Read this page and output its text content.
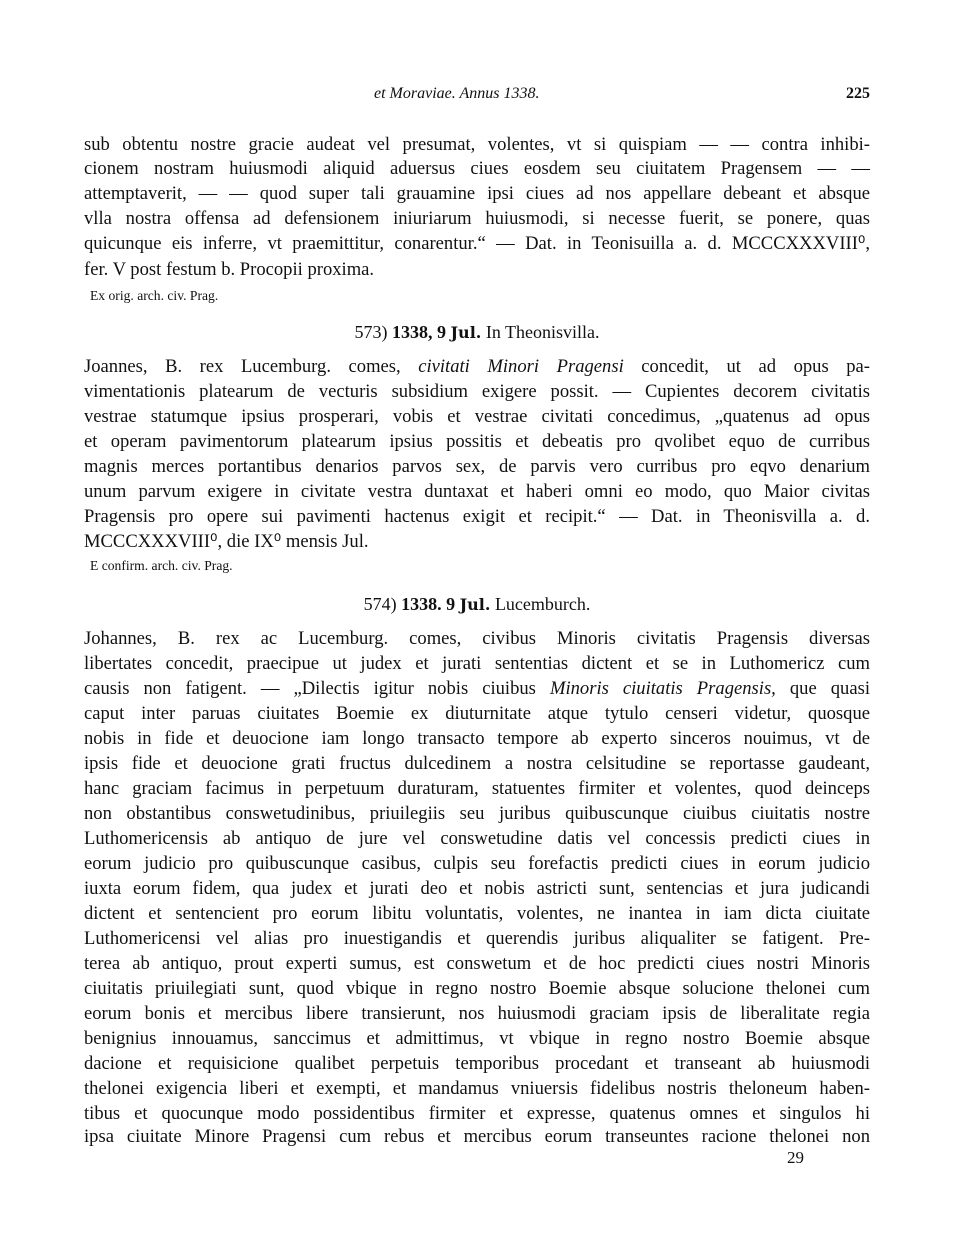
et Moraviae. Annus 1338.	225
sub obtentu nostre gracie audeat vel presumat, volentes, vt si quispiam — — contra inhibi-
cionem nostram huiusmodi aliquid aduersus ciues eosdem seu ciuitatem Pragensem — —
attemptaverit, — — quod super tali grauamine ipsi ciues ad nos appellare debeant et absque
vlla nostra offensa ad defensionem iniuriarum huiusmodi, si necesse fuerit, se ponere, quas
quicunque eis inferre, vt praemittitur, conarentur.“ — Dat. in Teonisuilla a. d. MCCCXXXVIII⁰,
fer. V post festum b. Procopii proxima.
Ex orig. arch. civ. Prag.
573) 1338, 9 Jul. In Theonisvilla.
Joannes, B. rex Lucemburg. comes, civitati Minori Pragensi concedit, ut ad opus pa-
vimentationis platearum de vecturis subsidium exigere possit. — Cupientes decorem civitatis
vestrae statumque ipsius prosperari, vobis et vestrae civitati concedimus, „quatenus ad opus
et operam pavimentorum platearum ipsius possitis et debeatis pro qvolibet equo de curribus
magnis merces portantibus denarios parvos sex, de parvis vero curribus pro eqvo denarium
unum parvum exigere in civitate vestra duntaxat et haberi omni eo modo, quo Maior civitas
Pragensis pro opere sui pavimenti hactenus exigit et recipit.“ — Dat. in Theonisvilla a. d.
MCCCXXXVIII⁰, die IX⁰ mensis Jul.
E confirm. arch. civ. Prag.
574) 1338. 9 Jul. Lucemburch.
Johannes, B. rex ac Lucemburg. comes, civibus Minoris civitatis Pragensis diversas
libertates concedit, praecipue ut judex et jurati sententias dictent et se in Luthomericz cum
causis non fatigent. — „Dilectis igitur nobis ciuibus Minoris ciuitatis Pragensis, que quasi
caput inter paruas ciuitates Boemie ex diuturnitate atque tytulo censeri videtur, quosque
nobis in fide et deuocione iam longo transacto tempore ab experto sinceros nouimus, vt de
ipsis fide et deuocione grati fructus dulcedinem a nostra celsitudine se reportasse gaudeant,
hanc graciam facimus in perpetuum duraturam, statuentes firmiter et volentes, quod deinceps
non obstantibus conswetudinibus, priuilegiis seu juribus quibuscunque ciuibus ciuitatis nostre
Luthomericensis ab antiquo de jure vel conswetudine datis vel concessis predicti ciues in
eorum judicio pro quibuscunque casibus, culpis seu forefactis predicti ciues in eorum judicio
iuxta eorum fidem, qua judex et jurati deo et nobis astricti sunt, sentencias et jura judicandi
dictent et sentencient pro eorum libitu voluntatis, volentes, ne inantea in iam dicta ciuitate
Luthomericensi vel alias pro inuestigandis et querendis juribus aliqualiter se fatigent. Pre-
terea ab antiquo, prout experti sumus, est conswetum et de hoc predicti ciues nostri Minoris
ciuitatis priuilegiati sunt, quod vbique in regno nostro Boemie absque solucione thelonei cum
eorum bonis et mercibus libere transierunt, nos huiusmodi graciam ipsis de liberalitate regia
benignius innouamus, sanccimus et admittimus, vt vbique in regno nostro Boemie absque
dacione et requisicione qualibet perpetuis temporibus procedant et transeant ab huiusmodi
thelonei exigencia liberi et exempti, et mandamus vniuersis fidelibus nostris theloneum haben-
tibus et quocunque modo possidentibus firmiter et expresse, quatenus omnes et singulos hi
ipsa ciuitate Minore Pragensi cum rebus et mercibus eorum transeuntes racione thelonei non
29
